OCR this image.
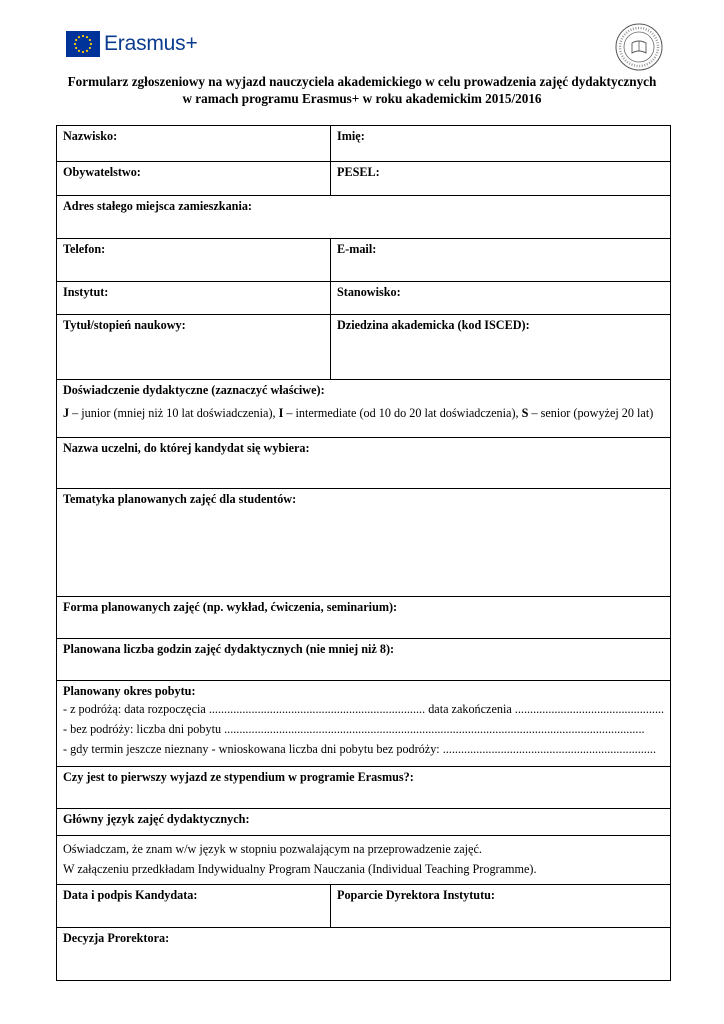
Erasmus+
Formularz zgłoszeniowy na wyjazd nauczyciela akademickiego w celu prowadzenia zajęć dydaktycznych
w ramach programu Erasmus+ w roku akademickim 2015/2016
Nazwisko:	Imię:
Obywatelstwo:	PESEL:
Adres stałego miejsca zamieszkania:	
Telefon:	E-mail:
Instytut:	Stanowisko:
Tytuł/stopień naukowy:	Dziedzina akademicka (kod ISCED):

Doświadczenie dydaktyczne (zaznaczyć właściwe):
J – junior (mniej niż 10 lat doświadczenia), I – intermediate (od 10 do 20 lat doświadczenia), S – senior (powyżej 20 lat)	

Nazwa uczelni, do której kandydat się wybiera:	
Tematyka planowanych zajęć dla studentów:	
Forma planowanych zajęć (np. wykład, ćwiczenia, seminarium):	
Planowana liczba godzin zajęć dydaktycznych (nie mniej niż 8):	

Planowany okres pobytu:
- z podróżą: data rozpoczęcia ....................................................................... data zakończenia .................................................
- bez podróży: liczba dni pobytu ..........................................................................................................................................
- gdy termin jeszcze nieznany - wnioskowana liczba dni pobytu bez podróży: ......................................................................	

Czy jest to pierwszy wyjazd ze stypendium w programie Erasmus?:	
Główny język zajęć dydaktycznych:	

Oświadczam, że znam w/w język w stopniu pozwalającym na przeprowadzenie zajęć.

W załączeniu przedkładam Indywidualny Program Nauczania (Individual Teaching Programme).	

Data i podpis Kandydata:	Poparcie Dyrektora Instytutu:
Decyzja Prorektora:	
